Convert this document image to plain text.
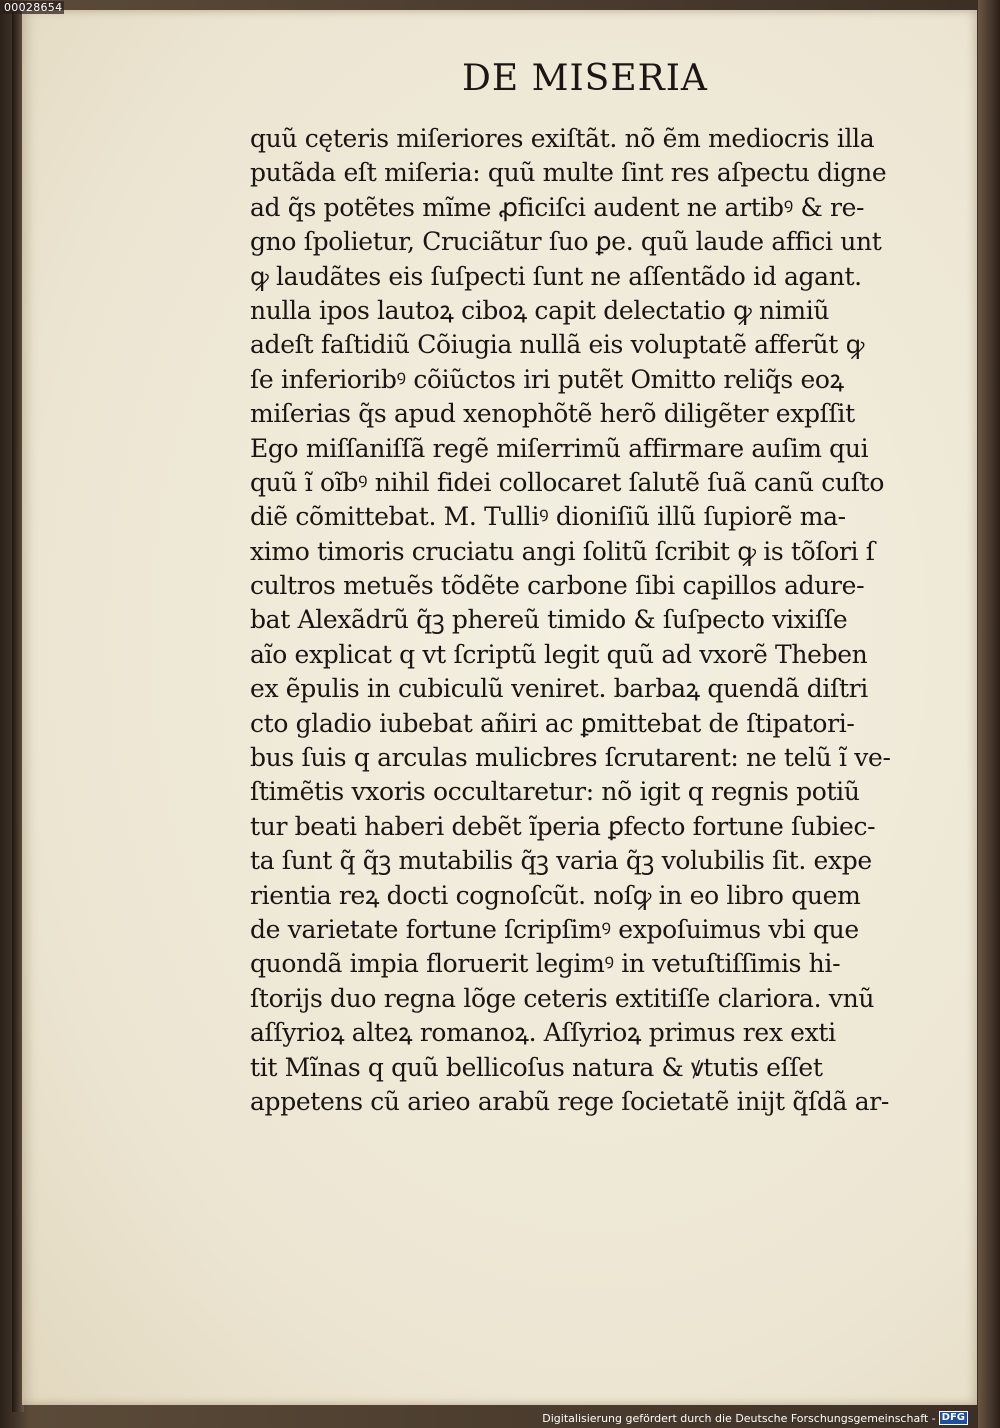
DE MISERIA
quũ cęteris miſeriores exiſtãt. nõ ẽm mediocris illa
putãda eſt miſeria: quũ multe ſint res aſpectu digne
ad q̃s potẽtes mĩme ꝓficiſci audent ne artibꝰ & re-
gno ſpolietur, Cruciãtur ſuo ꝑe. quũ laude affici unt
ꝙ laudãtes eis ſuſpecti ſunt ne aſſentãdo id agant.
nulla ipos lautoꝝ ciboꝝ capit delectatio ꝙ nimiũ
adeſt faſtidiũ Cõiugia nullã eis voluptatẽ afferũt ꝙ
ſe inferioribꝰ cõiũctos iri putẽt Omitto reliq̃s eoꝝ
miſerias q̃s apud xenophõtẽ herõ diligẽter expſſit
Ego miſſaniſſã regẽ miſerrimũ affirmare auſim qui
quũ ĩ oĩbꝰ nihil fidei collocaret ſalutẽ ſuã canũ cuſto
diẽ cõmittebat. M. Tulliꝰ dioniſiũ illũ ſupiorẽ ma-
ximo timoris cruciatu angi ſolitũ ſcribit ꝙ is tõſori ſ
cultros metuẽs tõdẽte carbone ſibi capillos adure-
bat Alexãdrũ q̃ꝫ phereũ timido & ſuſpecto vixiſſe
aĩo explicat q vt ſcriptũ legit quũ ad vxorẽ Theben
ex ẽpulis in cubiculũ veniret. barbaꝝ quendã diſtri
cto gladio iubebat añiri ac ꝑmittebat de ſtipatori-
bus ſuis q arculas mulicbres ſcrutarent: ne telũ ĩ ve-
ſtimẽtis vxoris occultaretur: nõ igit q regnis potiũ
tur beati haberi debẽt ĩperia ꝑfecto fortune ſubiec-
ta ſunt q̃ q̃ꝫ mutabilis q̃ꝫ varia q̃ꝫ volubilis ſit. expe
rientia reꝝ docti cognoſcũt. noſꝙ in eo libro quem
de varietate fortune ſcripſimꝰ expoſuimus vbi que
quondã impia floruerit legimꝰ in vetuſtiſſimis hi-
ſtorijs duo regna lõge ceteris extitiſſe clariora. vnũ
aſſyrioꝝ alteꝝ romanoꝝ. Aſſyrioꝝ primus rex exti
tit Mĩnas q quũ bellicoſus natura & ꝟtutis eſſet
appetens cũ arieo arabũ rege ſocietatẽ inijt q̃ſdã ar-
00028654
Digitalisierung gefördert durch die Deutsche Forschungsgemeinschaft - DFG
